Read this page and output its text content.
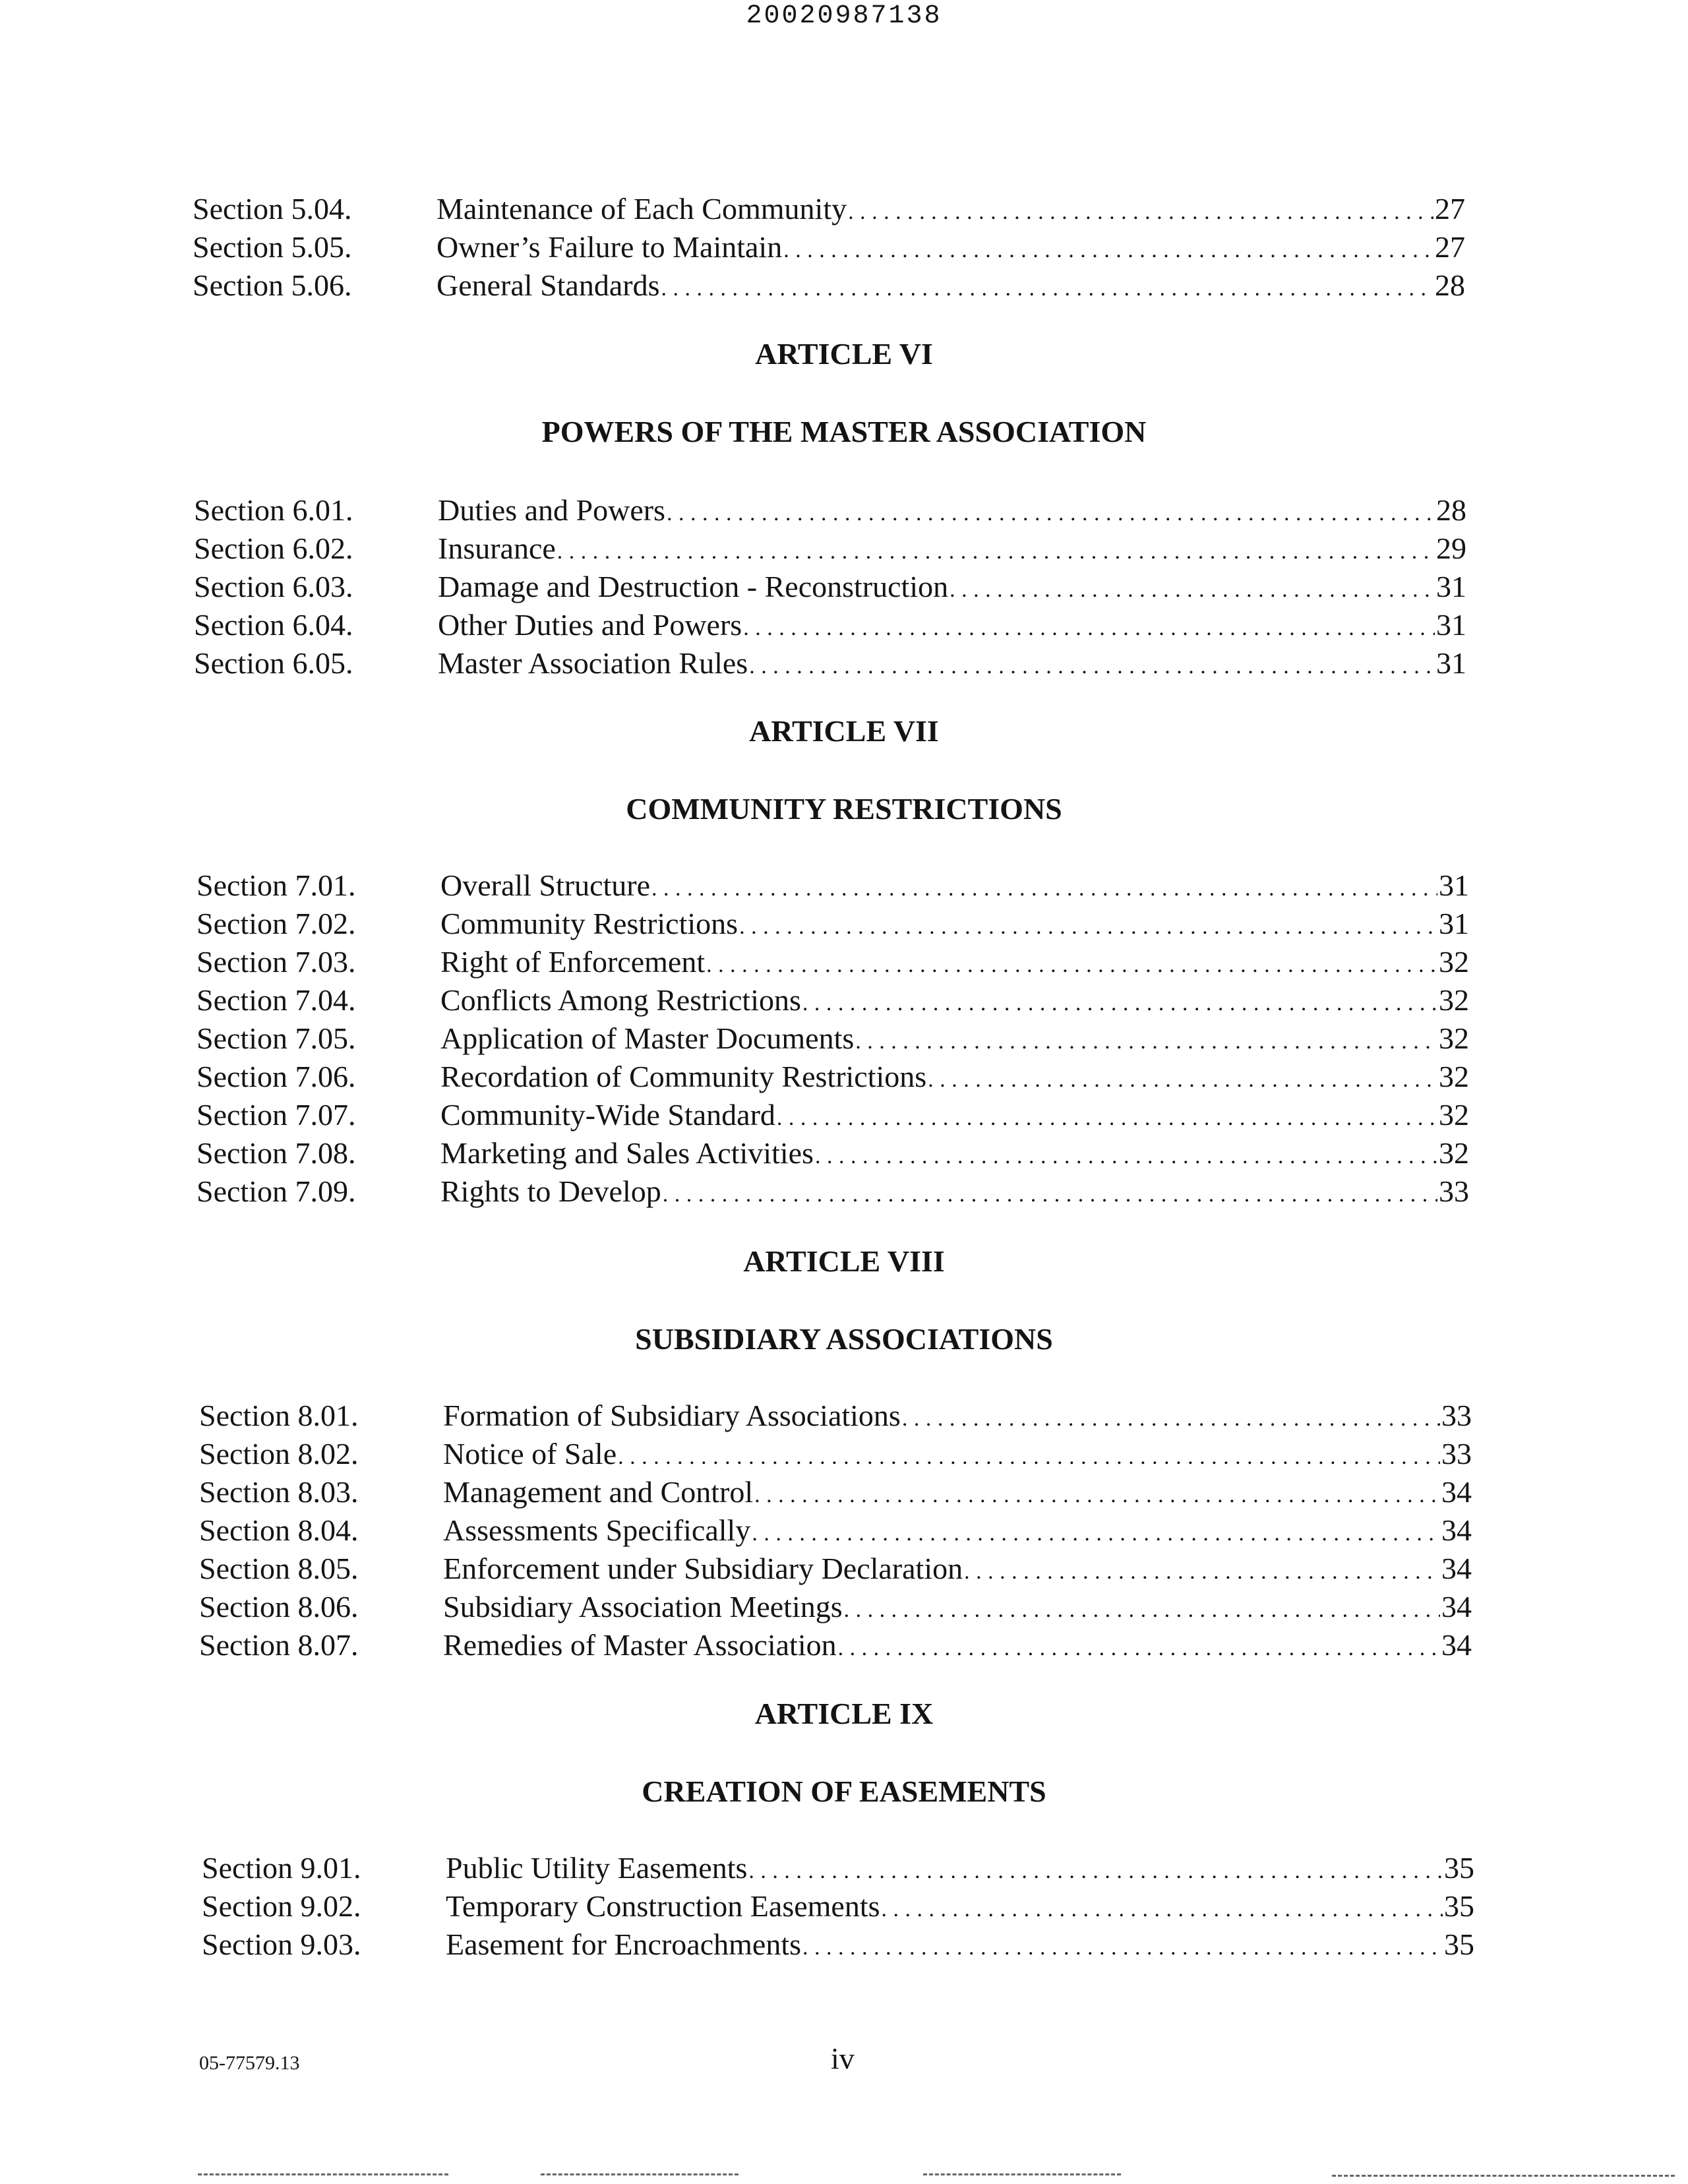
20020987138
Section 5.04.	Maintenance of Each Community . . .	27
Section 5.05.	Owner’s Failure to Maintain . . .	27
Section 5.06.	General Standards . . .	28
ARTICLE VI
POWERS OF THE MASTER ASSOCIATION
Section 6.01.	Duties and Powers . . .	28
Section 6.02.	Insurance . . .	29
Section 6.03.	Damage and Destruction - Reconstruction . . .	31
Section 6.04.	Other Duties and Powers . . .	31
Section 6.05.	Master Association Rules . . .	31
ARTICLE VII
COMMUNITY RESTRICTIONS
Section 7.01.	Overall Structure . . .	31
Section 7.02.	Community Restrictions . . .	31
Section 7.03.	Right of Enforcement . . .	32
Section 7.04.	Conflicts Among Restrictions . . .	32
Section 7.05.	Application of Master Documents . . .	32
Section 7.06.	Recordation of Community Restrictions . . .	32
Section 7.07.	Community-Wide Standard . . .	32
Section 7.08.	Marketing and Sales Activities . . .	32
Section 7.09.	Rights to Develop . . .	33
ARTICLE VIII
SUBSIDIARY ASSOCIATIONS
Section 8.01.	Formation of Subsidiary Associations . . .	33
Section 8.02.	Notice of Sale . . .	33
Section 8.03.	Management and Control . . .	34
Section 8.04.	Assessments Specifically . . .	34
Section 8.05.	Enforcement under Subsidiary Declaration . . .	34
Section 8.06.	Subsidiary Association Meetings . . .	34
Section 8.07.	Remedies of Master Association . . .	34
ARTICLE IX
CREATION OF EASEMENTS
Section 9.01.	Public Utility Easements . . .	35
Section 9.02.	Temporary Construction Easements . . .	35
Section 9.03.	Easement for Encroachments . . .	35
05-77579.13	iv
